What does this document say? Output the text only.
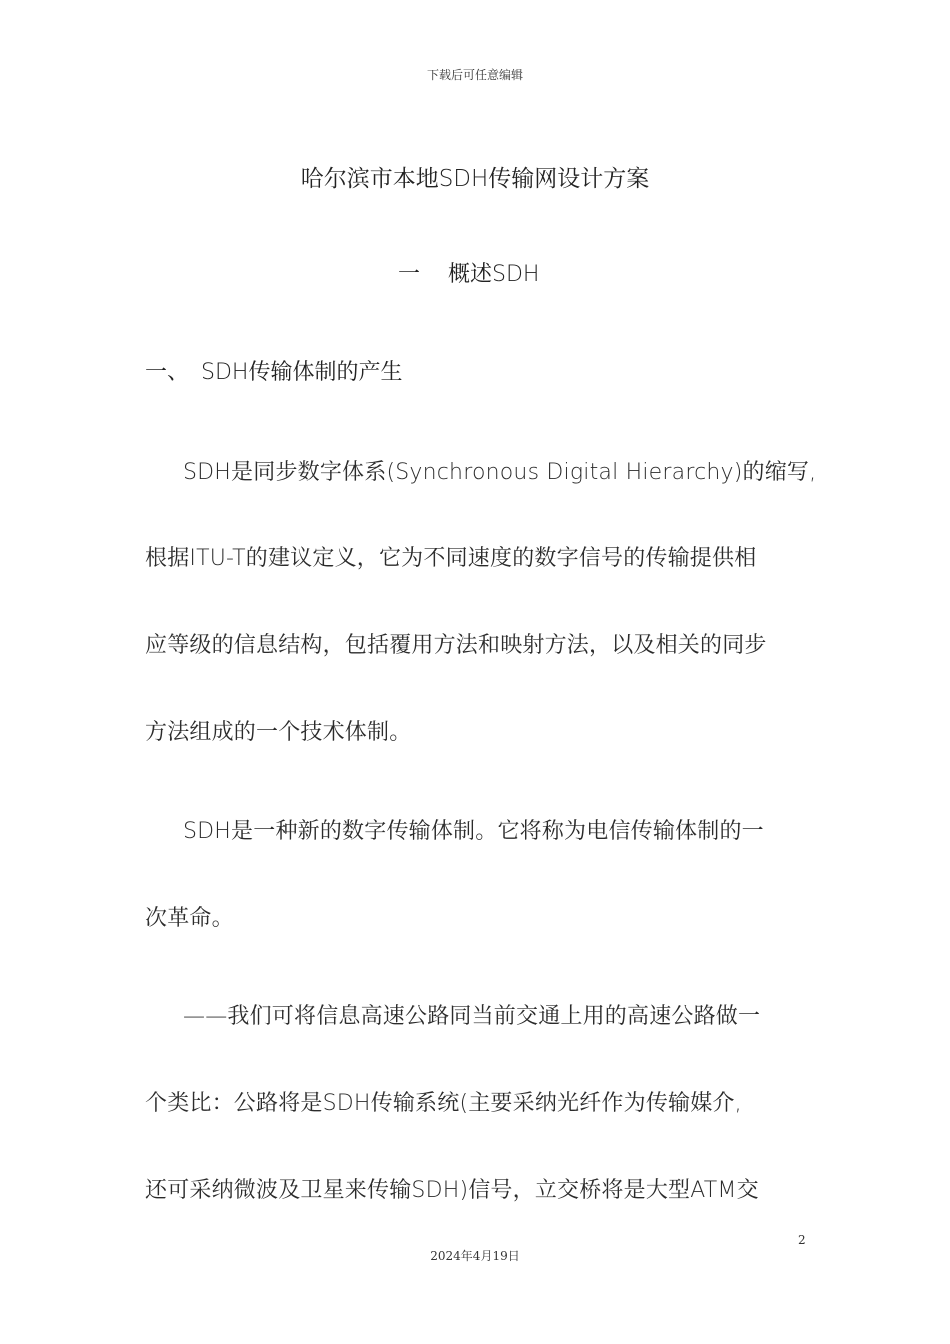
下载后可任意编辑
哈尔滨市本地SDH传输网设计方案
一    概述SDH
一、 SDH传输体制的产生
SDH是同步数字体系(Synchronous Digital Hierarchy)的缩写,
根据ITU-T的建议定义，它为不同速度的数字信号的传输提供相
应等级的信息结构，包括覆用方法和映射方法，以及相关的同步
方法组成的一个技术体制。
SDH是一种新的数字传输体制。它将称为电信传输体制的一
次革命。
——我们可将信息高速公路同当前交通上用的高速公路做一
个类比：公路将是SDH传输系统(主要采纳光纤作为传输媒介,
还可采纳微波及卫星来传输SDH)信号，立交桥将是大型ATM交
2
2024年4月19日
